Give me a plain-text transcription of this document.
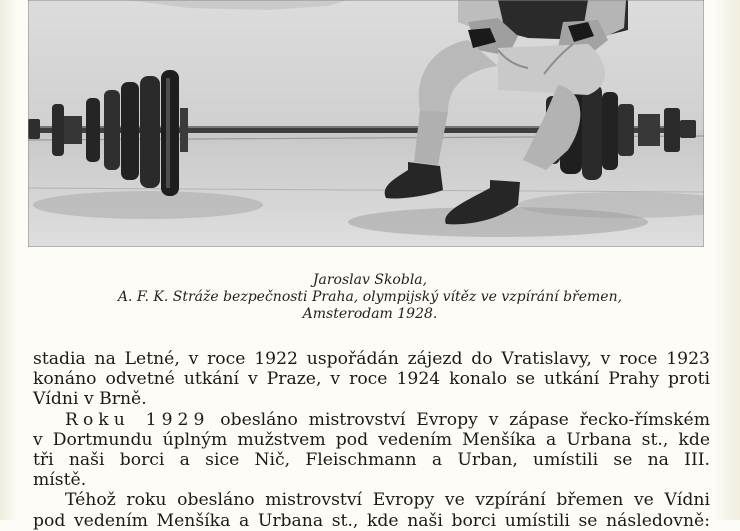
Jaroslav Skobla,
A. F. K. Stráže bezpečnosti Praha, olympijský vítěz ve vzpírání břemen,
Amsterodam 1928.
stadia na Letné, v roce 1922 uspořádán zájezd do Vratislavy, v roce 1923
konáno odvetné utkání v Praze, v roce 1924 konalo se utkání Prahy proti
Vídni v Brně.
Roku 1929 obesláno mistrovství Evropy v zápase řecko-římském
v Dortmundu úplným mužstvem pod vedením Menšíka a Urbana st., kde
tři naši borci a sice Nič, Fleischmann a Urban, umístili se na III.
místě.
Téhož roku obesláno mistrovství Evropy ve vzpírání břemen ve Vídni
pod vedením Menšíka a Urbana st., kde naši borci umístili se následovně:
